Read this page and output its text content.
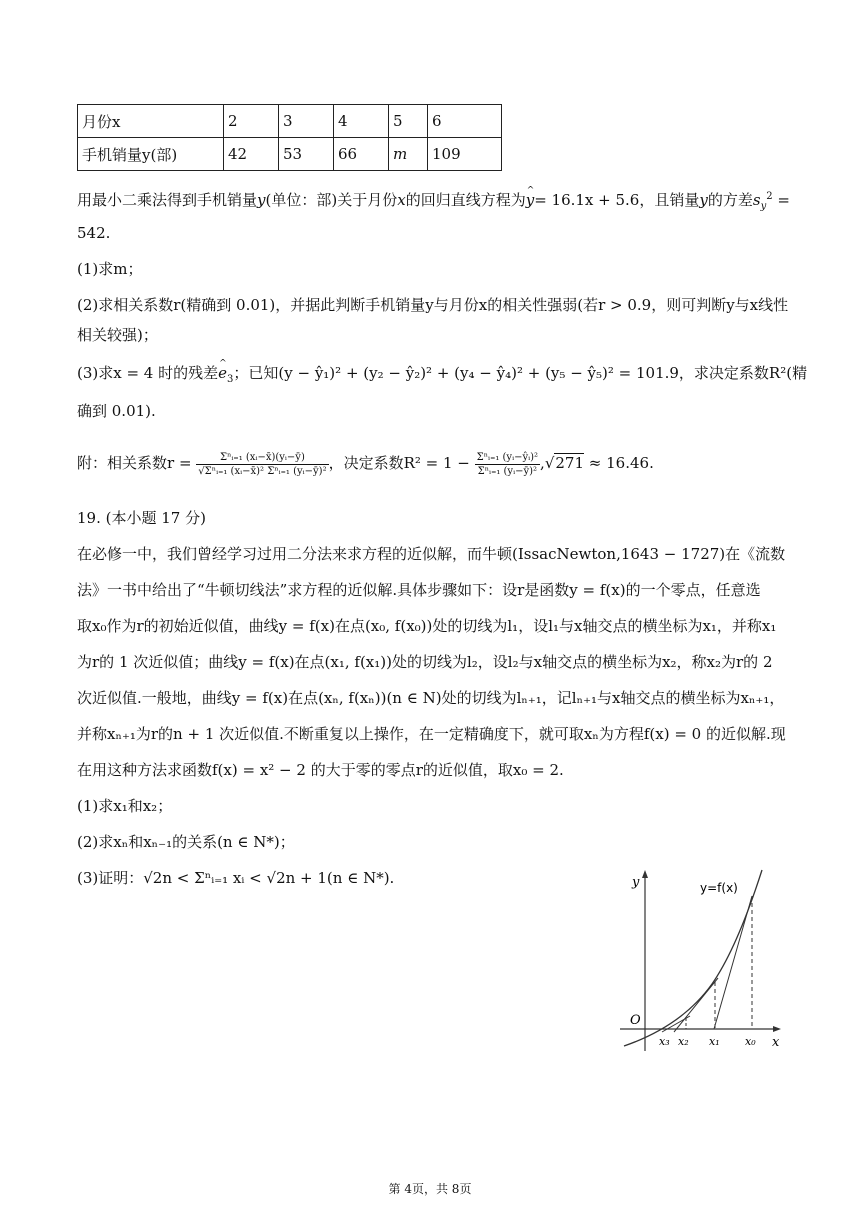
月份x	2	3	4	5	6
手机销量y(部)	42	53	66	m	109
用最小二乘法得到手机销量y(单位：部)关于月份x的回归直线方程为^ y= 16.1x + 5.6，且销量y的方差$s_y^2$ =
542.
(1)求m；
(2)求相关系数r(精确到 0.01)，并据此判断手机销量y与月份x的相关性强弱(若r > 0.9，则可判断y与x线性
相关较强)；
(3)求x = 4 时的残差^ $e_3$；已知(y − ŷ₁)² + (y₂ − ŷ₂)² + (y₄ − ŷ₄)² + (y₅ − ŷ₅)² = 101.9，求决定系数R²(精
确到 0.01).
附：相关系数$r = \frac{\text{Σⁿᵢ₌₁ (xᵢ−x̄)(yᵢ−ȳ)}}{\text{√Σⁿᵢ₌₁ (xᵢ−x̄)² Σⁿᵢ₌₁ (yᵢ−ȳ)²}}$ ，决定系数$R^2 = 1 - \frac{\text{Σⁿᵢ₌₁ (yᵢ−ŷᵢ)²}}{\text{Σⁿᵢ₌₁ (yᵢ−ȳ)²}} ,√271 \approx 16.46$.
19. (本小题 17 分)
在必修一中，我们曾经学习过用二分法来求方程的近似解，而牛顿(IssacNewton,1643 − 1727)在《流数
法》一书中给出了“牛顿切线法”求方程的近似解.具体步骤如下：设r是函数y = f(x)的一个零点，任意选
取x₀作为r的初始近似值，曲线y = f(x)在点(x₀, f(x₀))处的切线为l₁，设l₁与x轴交点的横坐标为x₁，并称x₁
为r的 1 次近似值；曲线y = f(x)在点(x₁, f(x₁))处的切线为l₂，设l₂与x轴交点的横坐标为x₂，称x₂为r的 2
次近似值.一般地，曲线y = f(x)在点(xₙ, f(xₙ))(n ∈ N)处的切线为lₙ₊₁，记lₙ₊₁与x轴交点的横坐标为xₙ₊₁，
并称xₙ₊₁为r的n + 1 次近似值.不断重复以上操作，在一定精确度下，就可取xₙ为方程f(x) = 0 的近似解.现
在用这种方法求函数f(x) = x² − 2 的大于零的零点r的近似值，取x₀ = 2.
(1)求x₁和x₂；
(2)求xₙ和xₙ₋₁的关系(n ∈ N*)；
(3)证明：√2n < Σⁿᵢ₌₁ xᵢ < √2n + 1(n ∈ N*).	y
x
O
y=f(x)
x₃ x₂ x₁ x₀
第 4页，共 8页
